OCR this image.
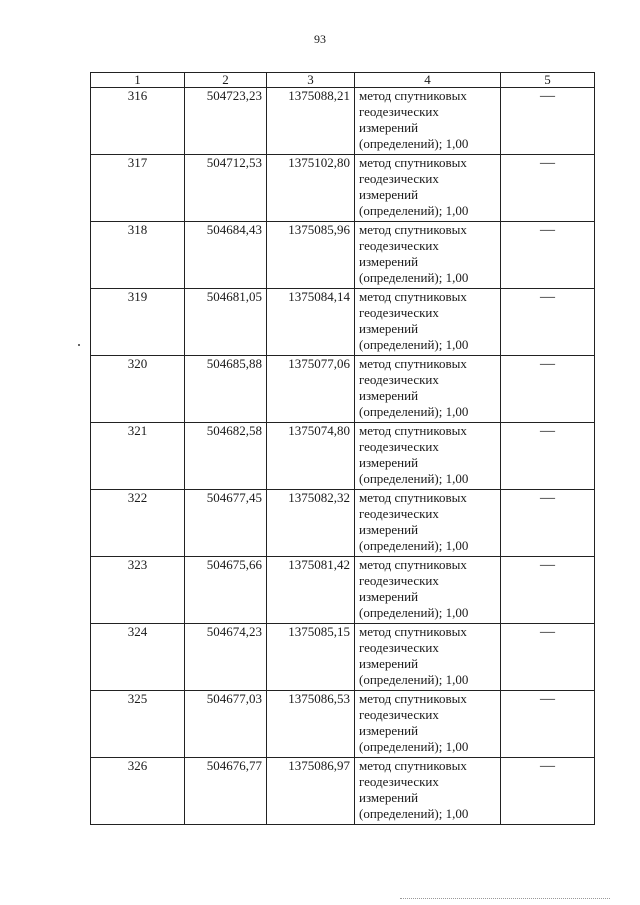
93
1	2	3	4	5
316	504723,23	1375088,21	метод спутниковых геодезических измерений (определений); 1,00	—
317	504712,53	1375102,80	метод спутниковых геодезических измерений (определений); 1,00	—
318	504684,43	1375085,96	метод спутниковых геодезических измерений (определений); 1,00	—
319	504681,05	1375084,14	метод спутниковых геодезических измерений (определений); 1,00	—
320	504685,88	1375077,06	метод спутниковых геодезических измерений (определений); 1,00	—
321	504682,58	1375074,80	метод спутниковых геодезических измерений (определений); 1,00	—
322	504677,45	1375082,32	метод спутниковых геодезических измерений (определений); 1,00	—
323	504675,66	1375081,42	метод спутниковых геодезических измерений (определений); 1,00	—
324	504674,23	1375085,15	метод спутниковых геодезических измерений (определений); 1,00	—
325	504677,03	1375086,53	метод спутниковых геодезических измерений (определений); 1,00	—
326	504676,77	1375086,97	метод спутниковых геодезических измерений (определений); 1,00	—
